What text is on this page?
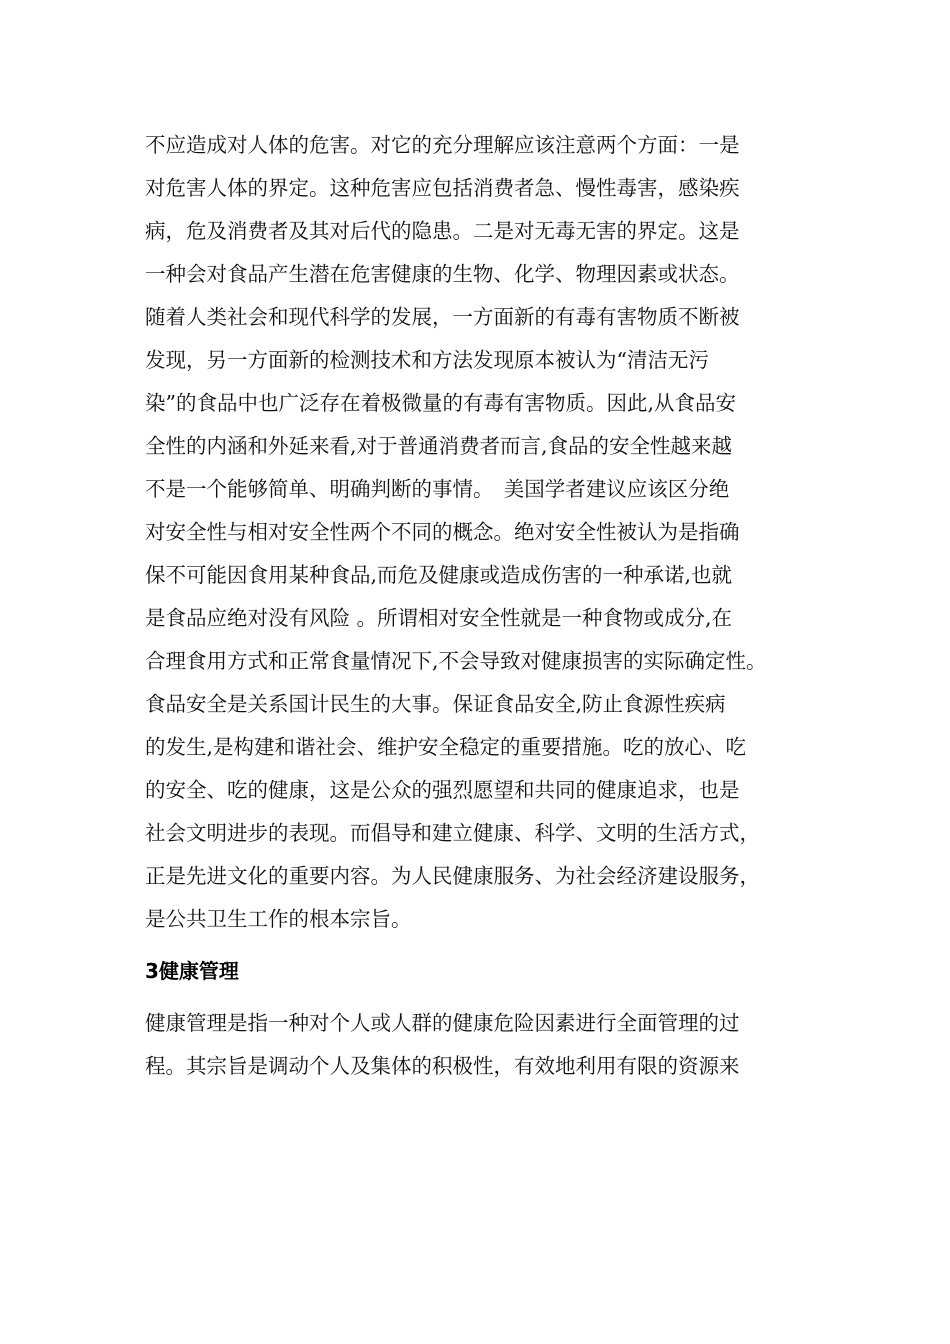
不应造成对人体的危害。对它的充分理解应该注意两个方面：一是
对危害人体的界定。这种危害应包括消费者急、慢性毒害，感染疾
病，危及消费者及其对后代的隐患。二是对无毒无害的界定。这是
一种会对食品产生潜在危害健康的生物、化学、物理因素或状态。
随着人类社会和现代科学的发展，一方面新的有毒有害物质不断被
发现，另一方面新的检测技术和方法发现原本被认为“清洁无污
染”的食品中也广泛存在着极微量的有毒有害物质。因此,从食品安
全性的内涵和外延来看,对于普通消费者而言,食品的安全性越来越
不是一个能够简单、明确判断的事情。　美国学者建议应该区分绝
对安全性与相对安全性两个不同的概念。绝对安全性被认为是指确
保不可能因食用某种食品,而危及健康或造成伤害的一种承诺,也就
是食品应绝对没有风险 。所谓相对安全性就是一种食物或成分,在
合理食用方式和正常食量情况下,不会导致对健康损害的实际确定性。
食品安全是关系国计民生的大事。保证食品安全,防止食源性疾病
的发生,是构建和谐社会、维护安全稳定的重要措施。吃的放心、吃
的安全、吃的健康，这是公众的强烈愿望和共同的健康追求，也是
社会文明进步的表现。而倡导和建立健康、科学、文明的生活方式，
正是先进文化的重要内容。为人民健康服务、为社会经济建设服务，
是公共卫生工作的根本宗旨。
3健康管理
健康管理是指一种对个人或人群的健康危险因素进行全面管理的过
程。其宗旨是调动个人及集体的积极性，有效地利用有限的资源来
